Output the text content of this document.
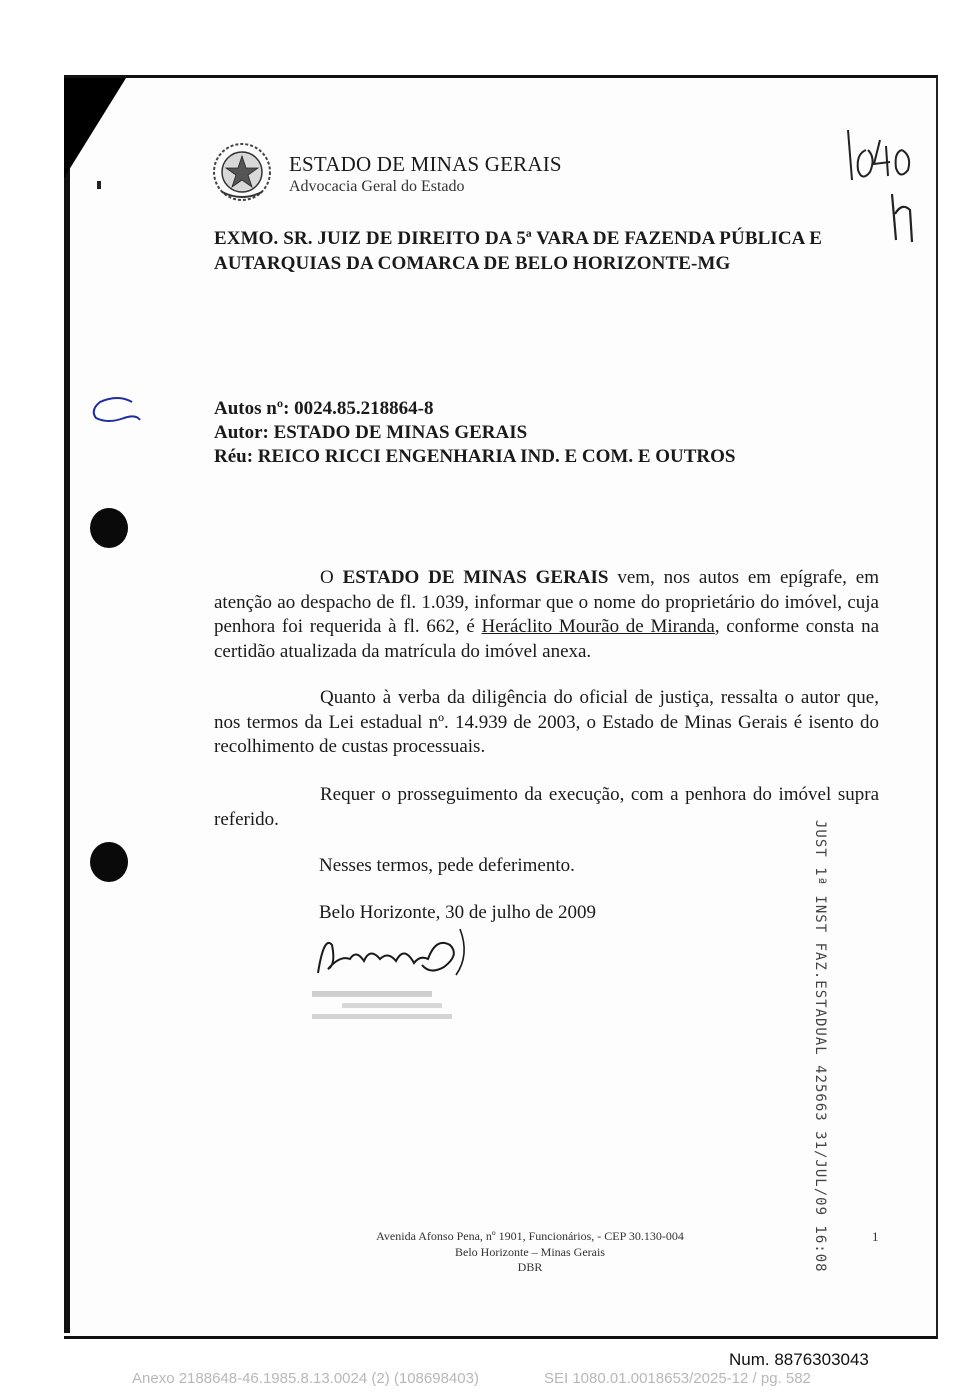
ESTADO DE MINAS GERAIS
Advocacia Geral do Estado
EXMO. SR. JUIZ DE DIREITO DA 5ª VARA DE FAZENDA PÚBLICA E
AUTARQUIAS DA COMARCA DE BELO HORIZONTE-MG
Autos nº: 0024.85.218864-8
Autor: ESTADO DE MINAS GERAIS
Réu: REICO RICCI ENGENHARIA IND. E COM. E OUTROS
O ESTADO DE MINAS GERAIS vem, nos autos em epígrafe, em atenção ao despacho de fl. 1.039, informar que o nome do proprietário do imóvel, cuja penhora foi requerida à fl. 662, é Heráclito Mourão de Miranda, conforme consta na certidão atualizada da matrícula do imóvel anexa.
Quanto à verba da diligência do oficial de justiça, ressalta o autor que, nos termos da Lei estadual nº. 14.939 de 2003, o Estado de Minas Gerais é isento do recolhimento de custas processuais.
Requer o prosseguimento da execução, com a penhora do imóvel supra referido.
Nesses termos, pede deferimento.
Belo Horizonte, 30 de julho de 2009	JUST 1ª INST FAZ.ESTADUAL 425663 31/JUL/09 16:08
Avenida Afonso Pena, nº 1901, Funcionários, - CEP 30.130-004
Belo Horizonte – Minas Gerais
DBR
1
Num. 8876303043
Anexo 2188648-46.1985.8.13.0024 (2) (108698403)	SEI 1080.01.0018653/2025-12 / pg. 582
